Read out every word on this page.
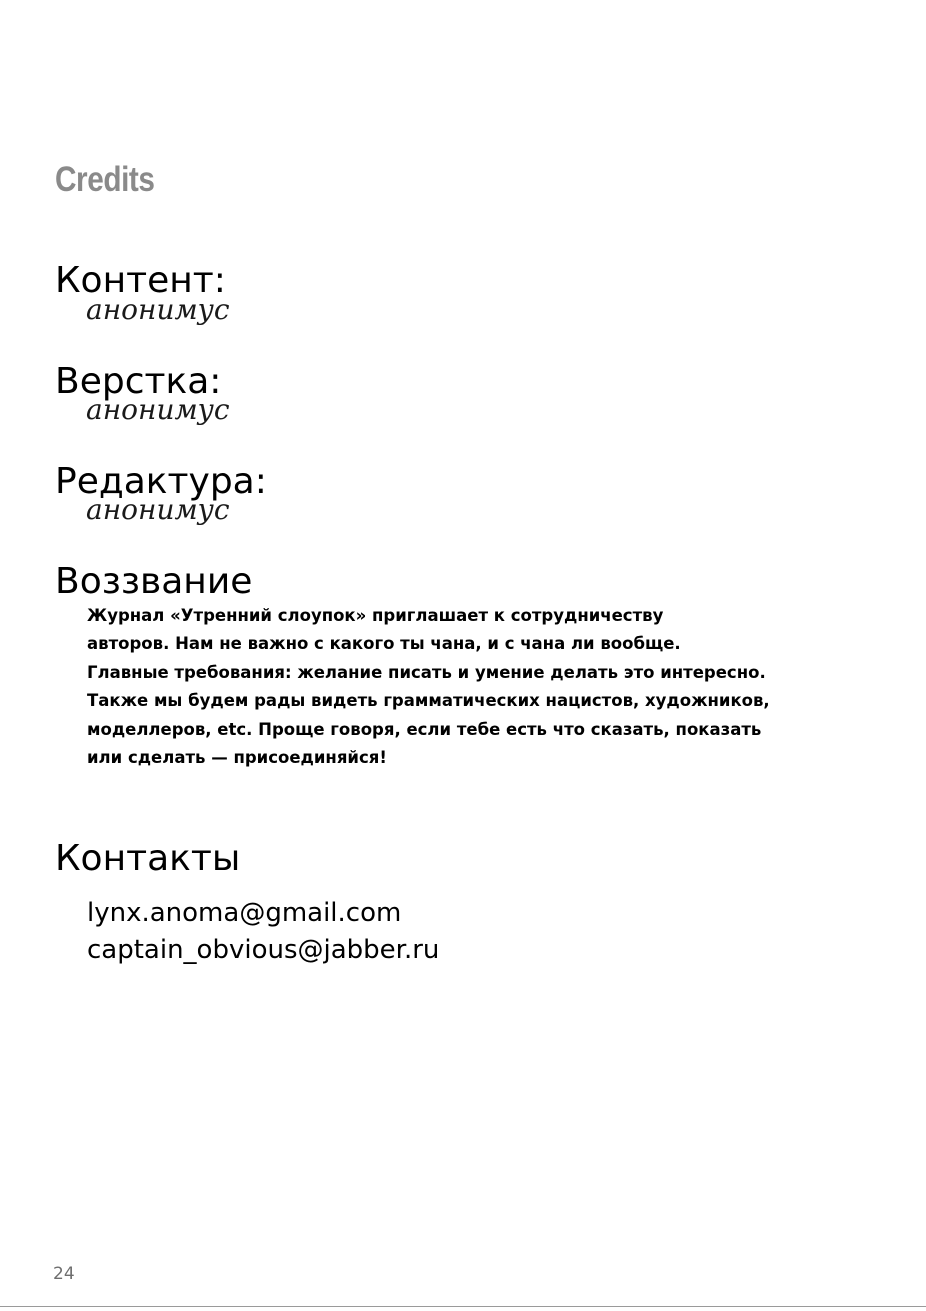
Credits
Контент:
анонимус
Верстка:
анонимус
Редактура:
анонимус
Воззвание
Журнал «Утренний слоупок» приглашает к сотрудничеству
авторов. Нам не важно с какого ты чана, и с чана ли вообще.
Главные требования: желание писать и умение делать это интересно.
Также мы будем рады видеть грамматических нацистов, художников,
моделлеров, etc. Проще говоря, если тебе есть что сказать, показать
или сделать — присоединяйся!
Контакты
lynx.anoma@gmail.com
captain_obvious@jabber.ru
24
